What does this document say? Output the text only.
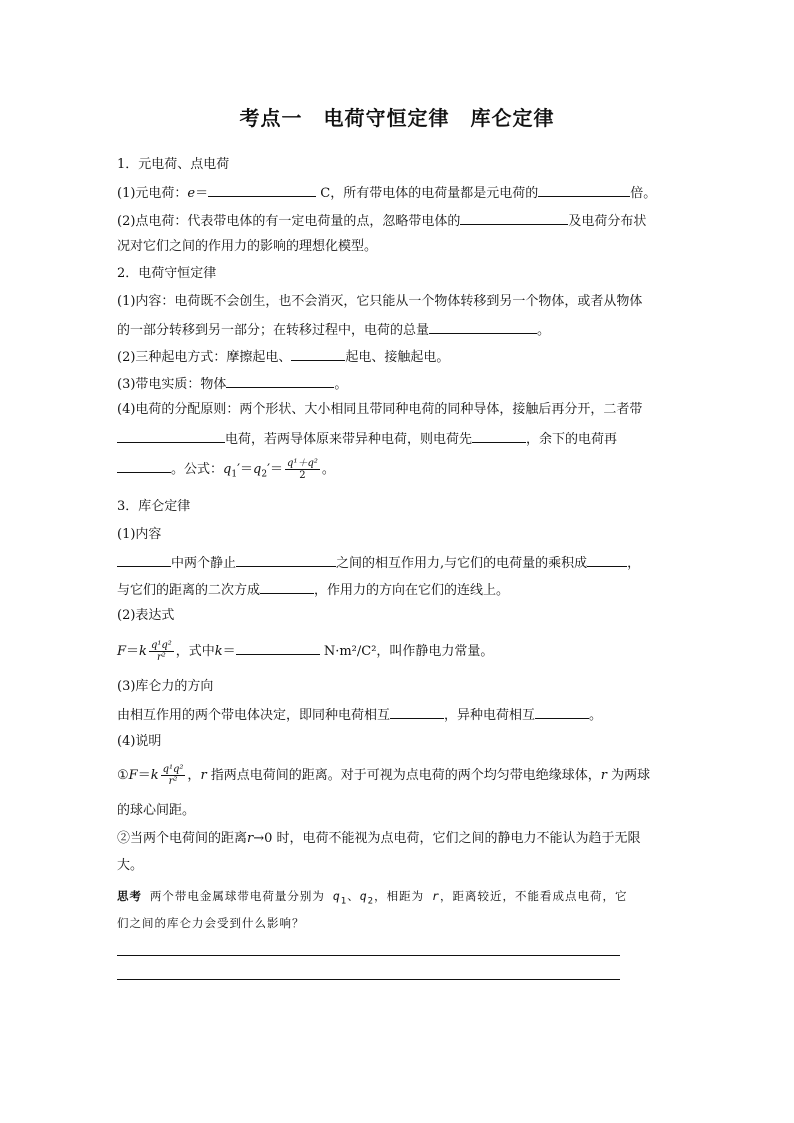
考点一　电荷守恒定律　库仑定律
1．元电荷、点电荷
(1)元电荷：e＝	C，所有带电体的电荷量都是元电荷的	倍。
(2)点电荷：代表带电体的有一定电荷量的点，忽略带电体的	及电荷分布状
况对它们之间的作用力的影响的理想化模型。
2．电荷守恒定律
(1)内容：电荷既不会创生，也不会消灭，它只能从一个物体转移到另一个物体，或者从物体
的一部分转移到另一部分；在转移过程中，电荷的总量	。
(2)三种起电方式：摩擦起电、	起电、接触起电。
(3)带电实质：物体	。
(4)电荷的分配原则：两个形状、大小相同且带同种电荷的同种导体，接触后再分开，二者带
电荷，若两导体原来带异种电荷，则电荷先	，余下的电荷再
。公式：$q_1'=q_2'= \frac{\text{q¹＋q²}}{2}$ 。
3．库仑定律
(1)内容
中两个静止	之间的相互作用力,与它们的电荷量的乘积成	，
与它们的距离的二次方成	，作用力的方向在它们的连线上。
(2)表达式
$F=k \frac{\text{q¹q²}}{\text{r²}}$ ，式中k＝	N·m²/C²，叫作静电力常量。
(3)库仑力的方向
由相互作用的两个带电体决定，即同种电荷相互	，异种电荷相互	。
(4)说明
①F＝k $\frac{\text{q¹q²}}{\text{r²}}$ ，r 指两点电荷间的距离。对于可视为点电荷的两个均匀带电绝缘球体，r 为两球
的球心间距。
②当两个电荷间的距离r→0 时，电荷不能视为点电荷，它们之间的静电力不能认为趋于无限
大。
思考 两个带电金属球带电荷量分别为 $q_1$、$q_2$，相距为 r，距离较近，不能看成点电荷，它
们之间的库仑力会受到什么影响？
